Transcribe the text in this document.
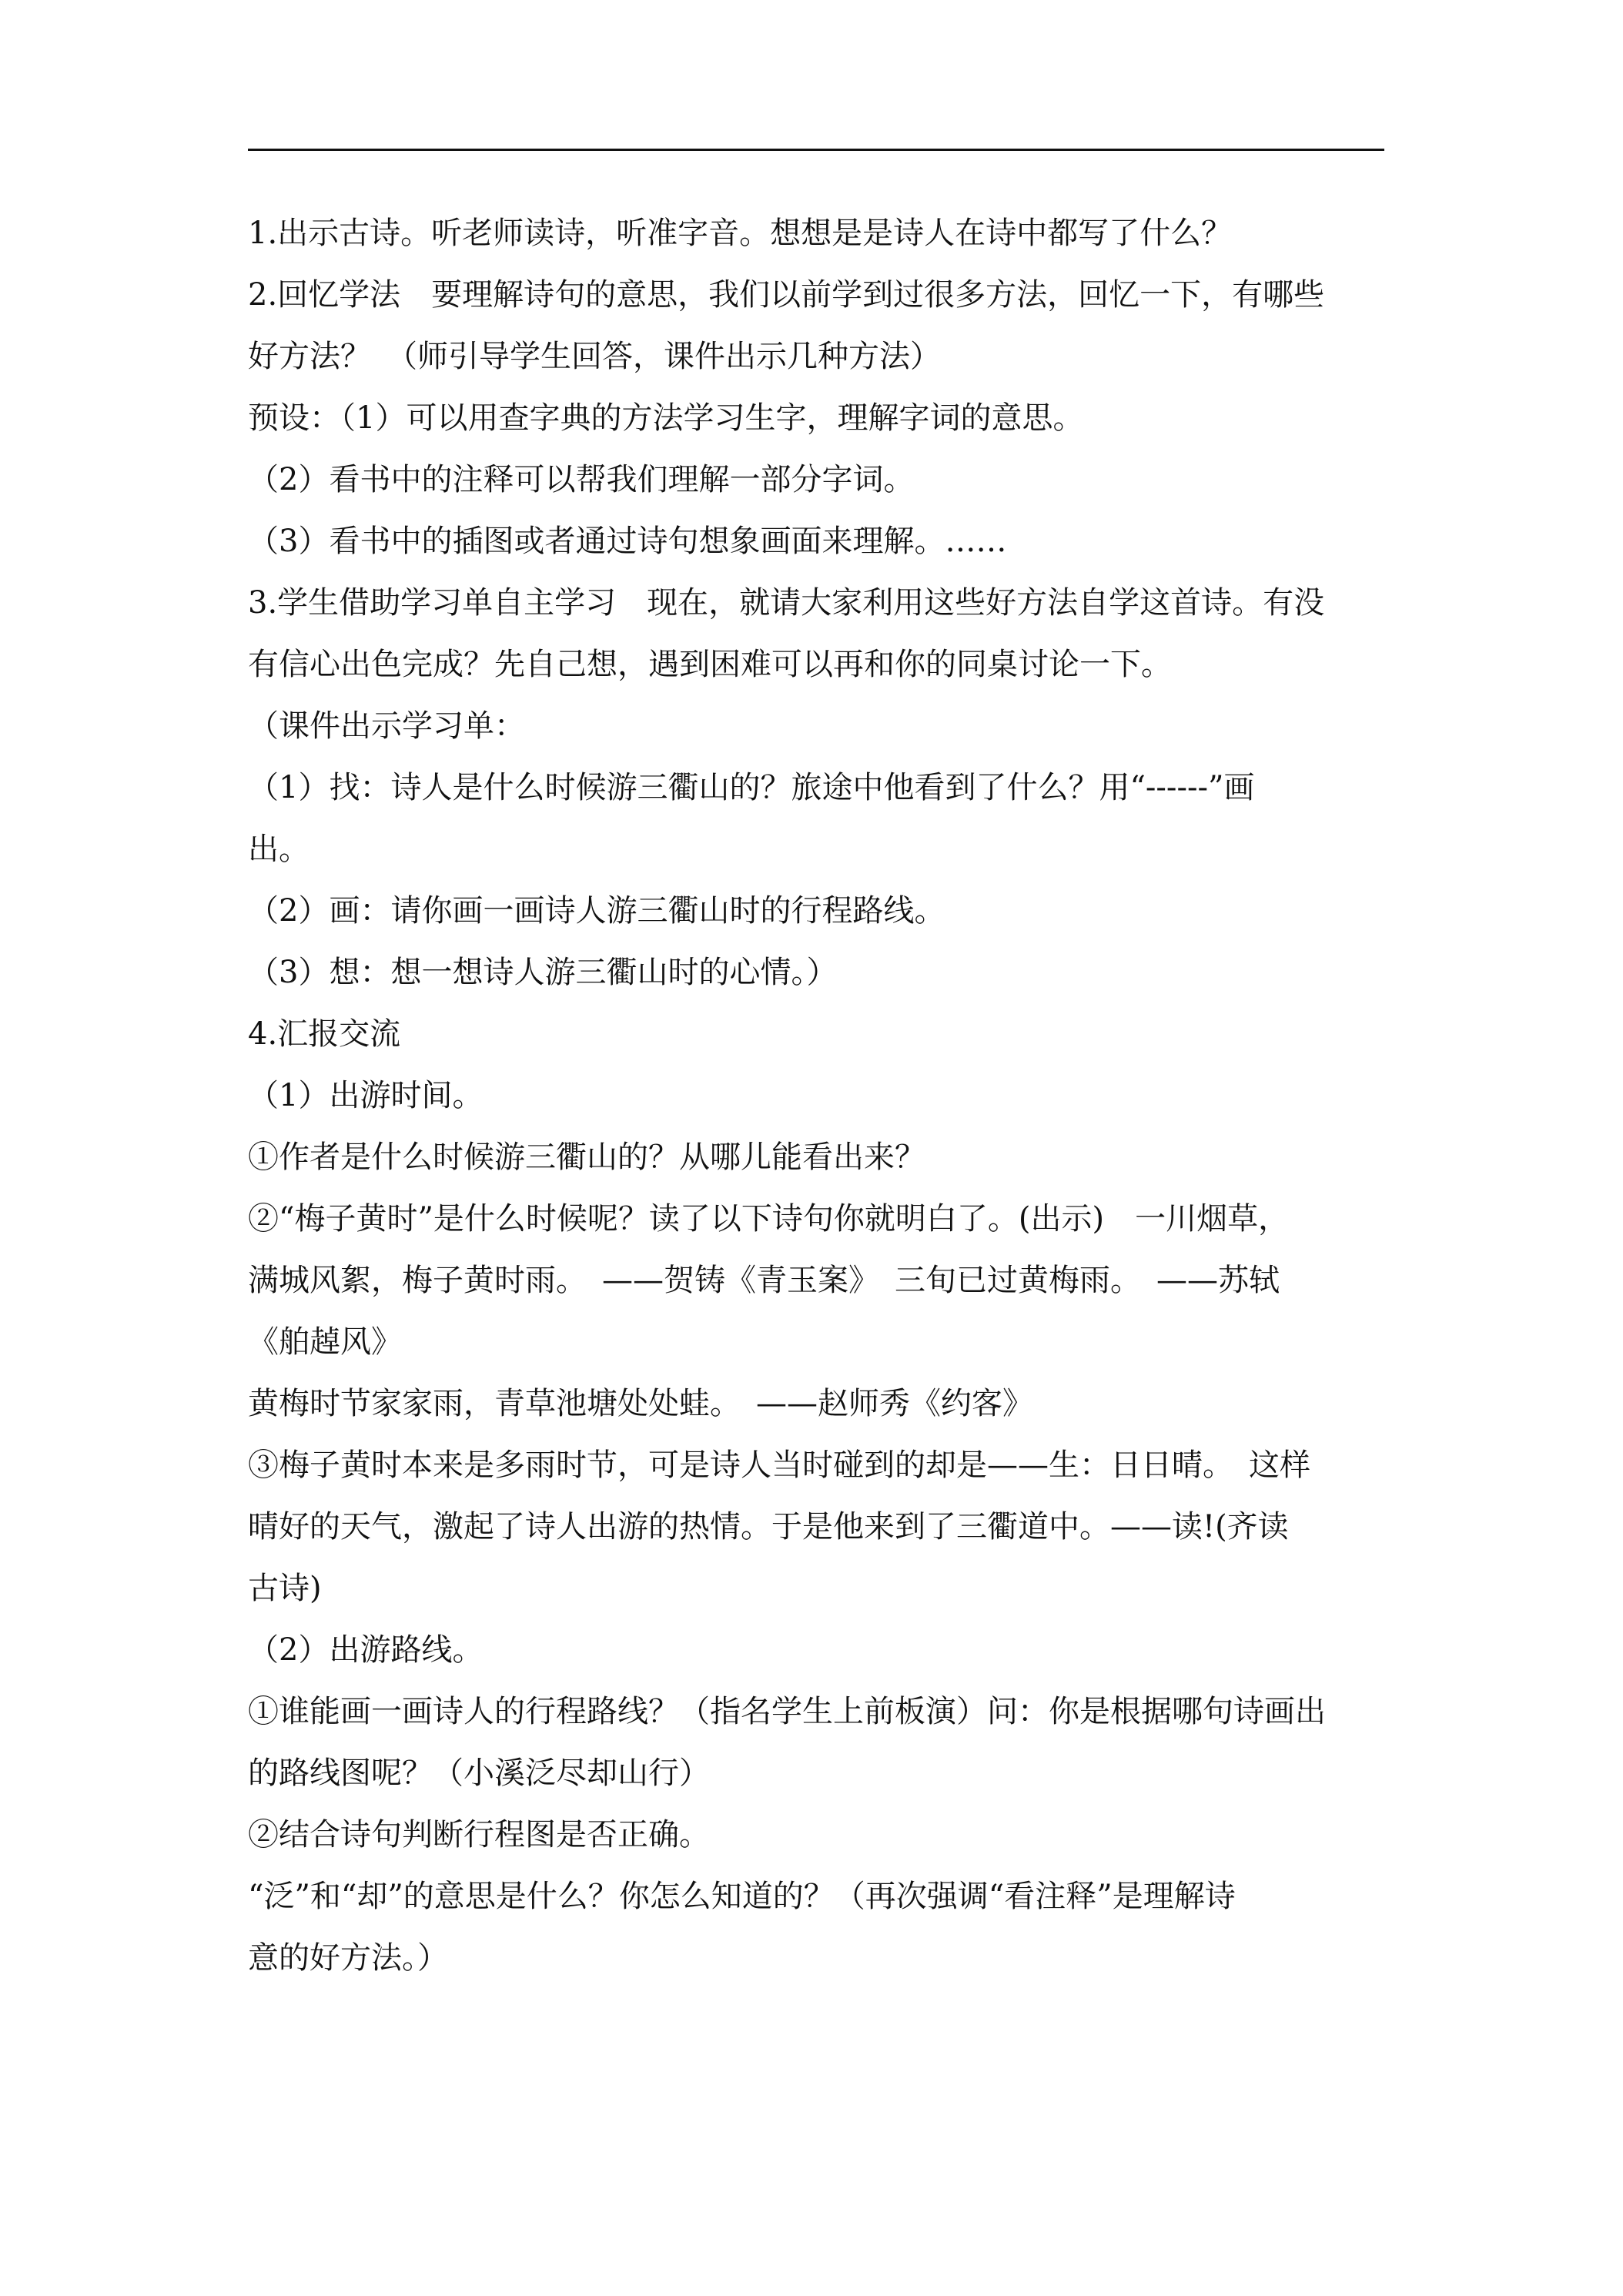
1.出示古诗。听老师读诗，听准字音。想想是是诗人在诗中都写了什么？
2.回忆学法　要理解诗句的意思，我们以前学到过很多方法，回忆一下，有哪些
好方法？　（师引导学生回答，课件出示几种方法）
预设：（1）可以用查字典的方法学习生字，理解字词的意思。
（2）看书中的注释可以帮我们理解一部分字词。
（3）看书中的插图或者通过诗句想象画面来理解。……
3.学生借助学习单自主学习　现在，就请大家利用这些好方法自学这首诗。有没
有信心出色完成？先自己想，遇到困难可以再和你的同桌讨论一下。
（课件出示学习单：
（1）找：诗人是什么时候游三衢山的？旅途中他看到了什么？用“------”画
出。
（2）画：请你画一画诗人游三衢山时的行程路线。
（3）想：想一想诗人游三衢山时的心情。）
4.汇报交流
（1）出游时间。
①作者是什么时候游三衢山的？从哪儿能看出来？
②“梅子黄时”是什么时候呢？读了以下诗句你就明白了。(出示)　一川烟草，
满城风絮，梅子黄时雨。　——贺铸《青玉案》　三旬已过黄梅雨。　——苏轼
《舶趠风》
黄梅时节家家雨，青草池塘处处蛙。　——赵师秀《约客》
③梅子黄时本来是多雨时节，可是诗人当时碰到的却是——生：日日晴。　这样
晴好的天气，激起了诗人出游的热情。于是他来到了三衢道中。——读!(齐读
古诗)
（2）出游路线。
①谁能画一画诗人的行程路线？（指名学生上前板演）问：你是根据哪句诗画出
的路线图呢？（小溪泛尽却山行）
②结合诗句判断行程图是否正确。
“泛”和“却”的意思是什么？你怎么知道的？（再次强调“看注释”是理解诗
意的好方法。）
